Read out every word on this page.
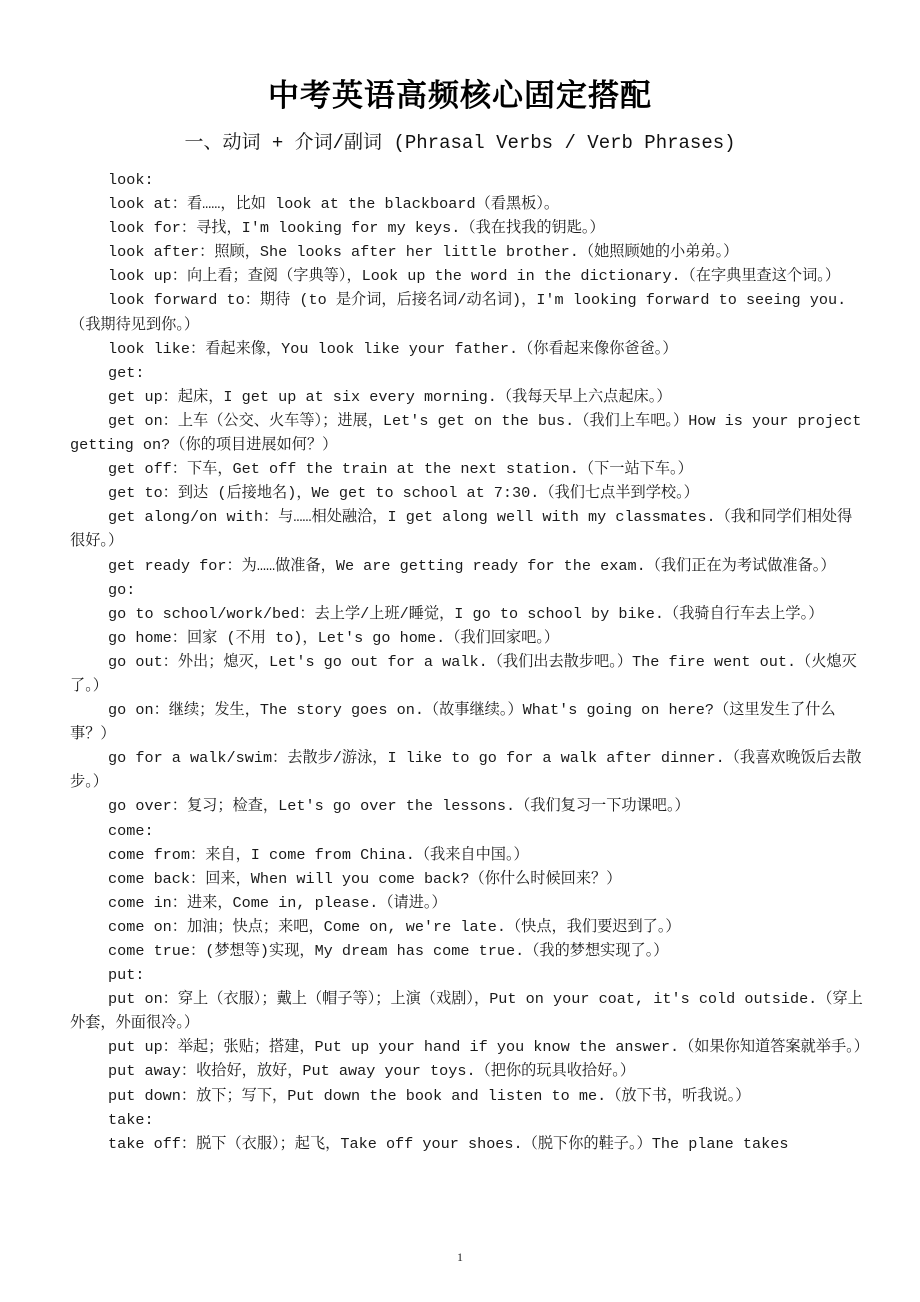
中考英语高频核心固定搭配
一、动词 + 介词/副词 (Phrasal Verbs / Verb Phrases)
look:
look at：看……，比如 look at the blackboard（看黑板）。
look for：寻找，I'm looking for my keys.（我在找我的钥匙。）
look after：照顾，She looks after her little brother.（她照顾她的小弟弟。）
look up：向上看；查阅（字典等），Look up the word in the dictionary.（在字典里查这个词。）
look forward to：期待 (to 是介词，后接名词/动名词)，I'm looking forward to seeing you.（我期待见到你。）
look like：看起来像，You look like your father.（你看起来像你爸爸。）
get:
get up：起床，I get up at six every morning.（我每天早上六点起床。）
get on：上车（公交、火车等）；进展，Let's get on the bus.（我们上车吧。）How is your project getting on?（你的项目进展如何？）
get off：下车，Get off the train at the next station.（下一站下车。）
get to：到达 (后接地名)，We get to school at 7:30.（我们七点半到学校。）
get along/on with：与……相处融洽，I get along well with my classmates.（我和同学们相处得很好。）
get ready for：为……做准备，We are getting ready for the exam.（我们正在为考试做准备。）
go:
go to school/work/bed：去上学/上班/睡觉，I go to school by bike.（我骑自行车去上学。）
go home：回家 (不用 to)，Let's go home.（我们回家吧。）
go out：外出；熄灭，Let's go out for a walk.（我们出去散步吧。）The fire went out.（火熄灭了。）
go on：继续；发生，The story goes on.（故事继续。）What's going on here?（这里发生了什么事？）
go for a walk/swim：去散步/游泳，I like to go for a walk after dinner.（我喜欢晚饭后去散步。）
go over：复习；检查，Let's go over the lessons.（我们复习一下功课吧。）
come:
come from：来自，I come from China.（我来自中国。）
come back：回来，When will you come back?（你什么时候回来？）
come in：进来，Come in, please.（请进。）
come on：加油；快点；来吧，Come on, we're late.（快点，我们要迟到了。）
come true：(梦想等)实现，My dream has come true.（我的梦想实现了。）
put:
put on：穿上（衣服）；戴上（帽子等）；上演（戏剧），Put on your coat, it's cold outside.（穿上外套，外面很冷。）
put up：举起；张贴；搭建，Put up your hand if you know the answer.（如果你知道答案就举手。）
put away：收拾好，放好，Put away your toys.（把你的玩具收拾好。）
put down：放下；写下，Put down the book and listen to me.（放下书，听我说。）
take:
take off：脱下（衣服）；起飞，Take off your shoes.（脱下你的鞋子。）The plane takes
1
